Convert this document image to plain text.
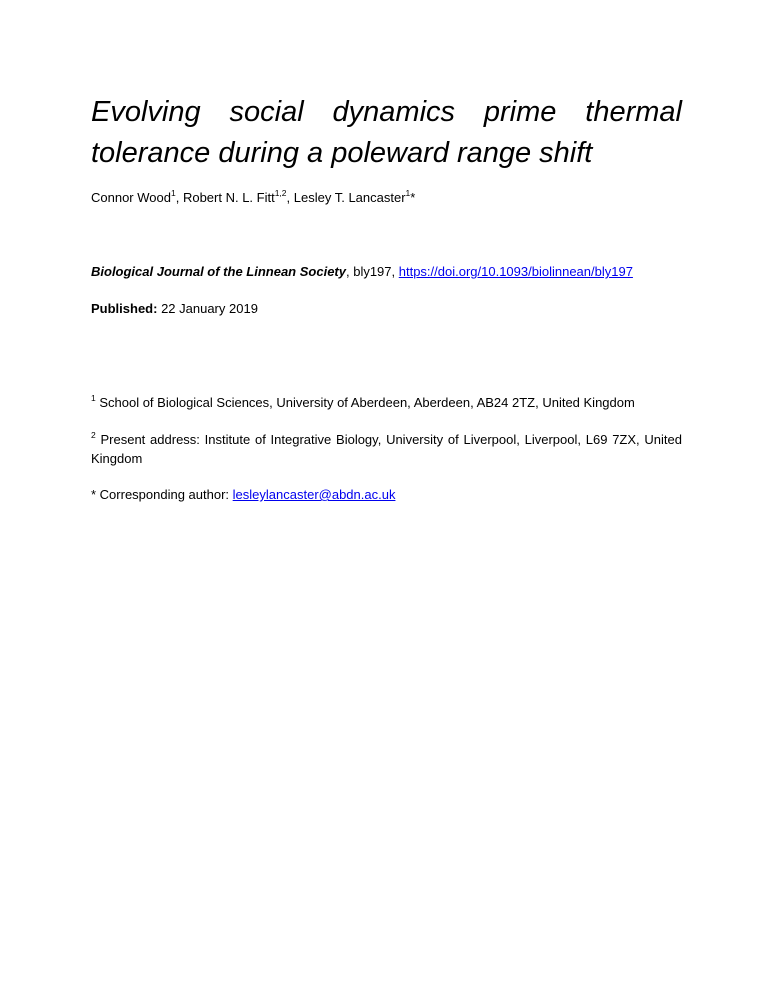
Evolving social dynamics prime thermal tolerance during a poleward range shift
Connor Wood$^1$, Robert N. L. Fitt$^{1,2}$, Lesley T. Lancaster$^1$*
Biological Journal of the Linnean Society, bly197, https://doi.org/10.1093/biolinnean/bly197
Published: 22 January 2019
$^1$ School of Biological Sciences, University of Aberdeen, Aberdeen, AB24 2TZ, United Kingdom
$^2$ Present address: Institute of Integrative Biology, University of Liverpool, Liverpool, L69 7ZX, United Kingdom
* Corresponding author: lesleylancaster@abdn.ac.uk
